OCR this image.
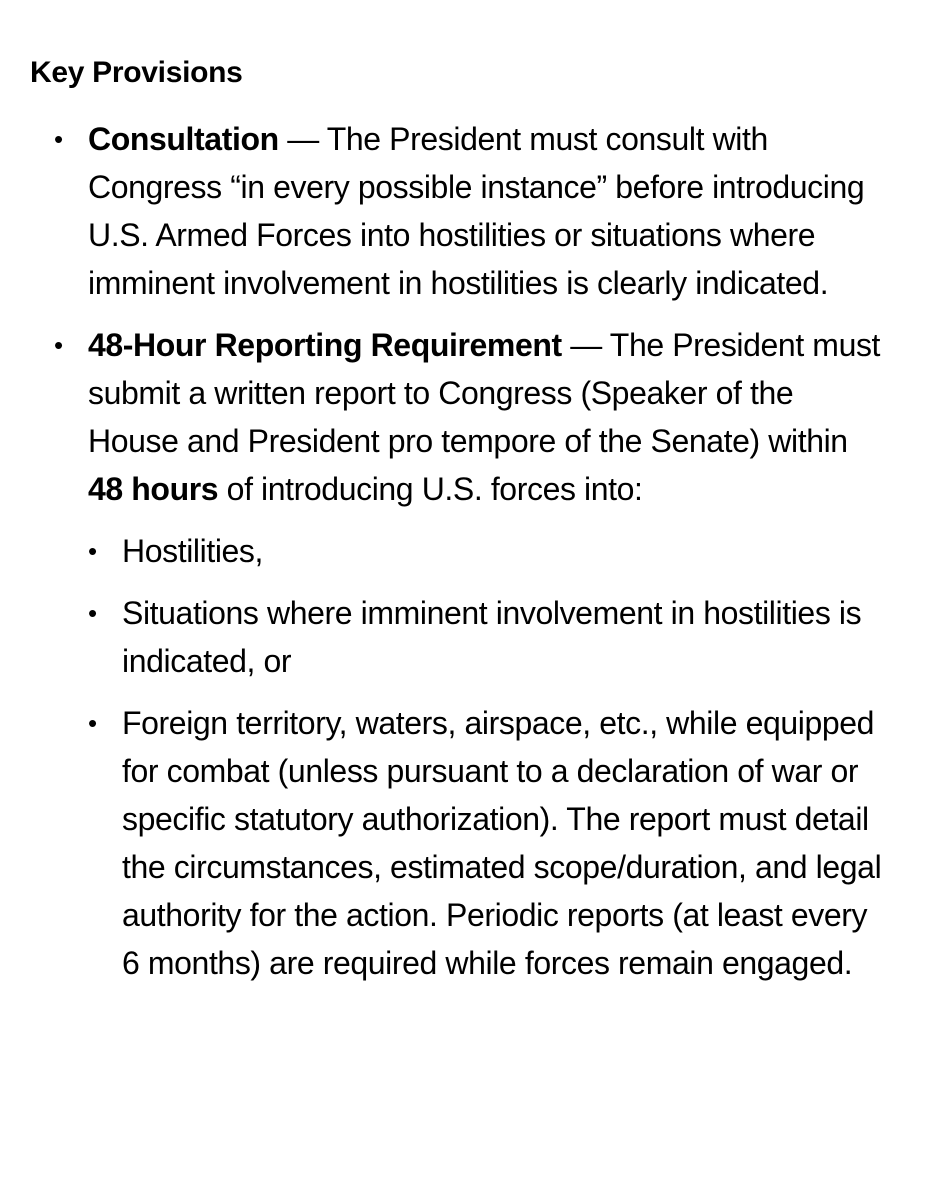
Key Provisions
• Consultation — The President must consult with Congress “in every possible instance” before introducing U.S. Armed Forces into hostilities or situations where imminent involvement in hostilities is clearly indicated.
• 48-Hour Reporting Requirement — The President must submit a written report to Congress (Speaker of the House and President pro tempore of the Senate) within 48 hours of introducing U.S. forces into:
• Hostilities,
• Situations where imminent involvement in hostilities is indicated, or
• Foreign territory, waters, airspace, etc., while equipped for combat (unless pursuant to a declaration of war or specific statutory authorization). The report must detail the circumstances, estimated scope/duration, and legal authority for the action. Periodic reports (at least every 6 months) are required while forces remain engaged.
